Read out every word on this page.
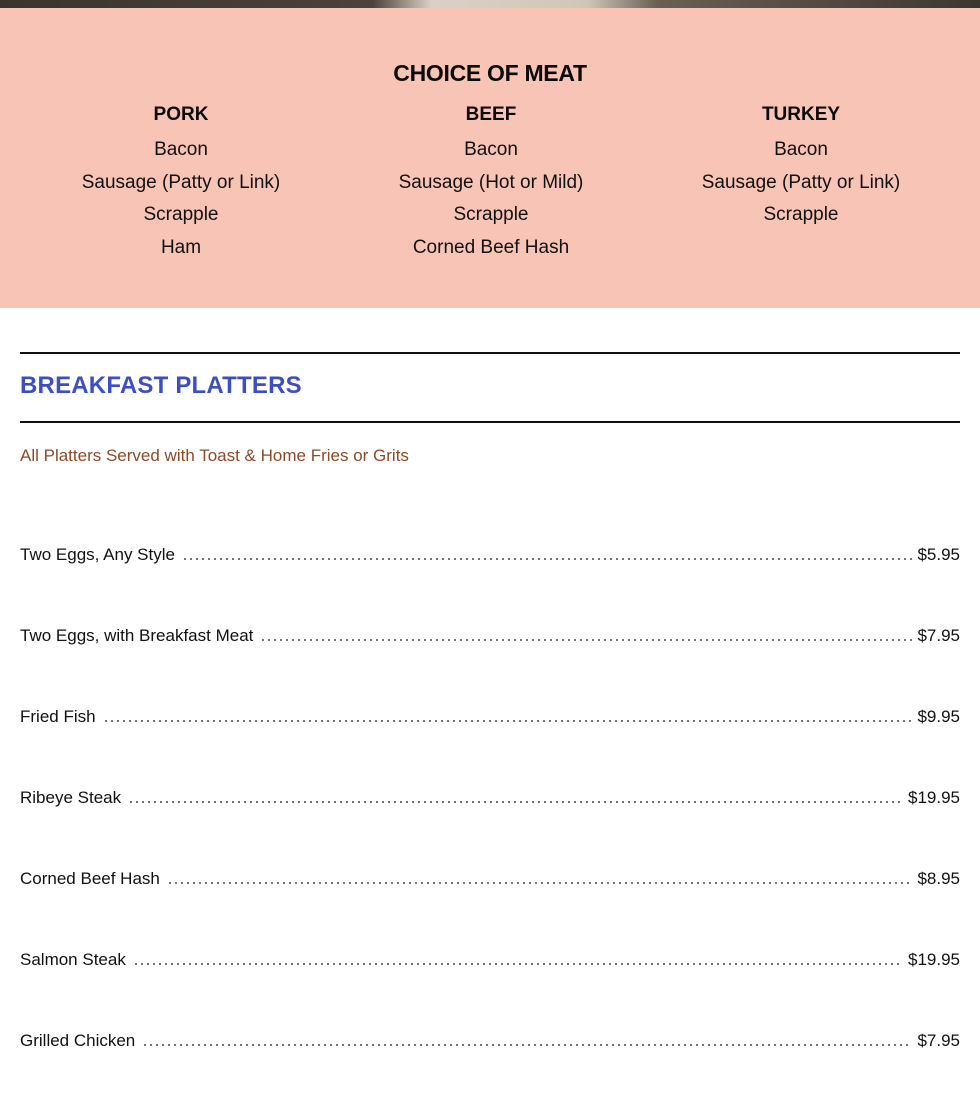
CHOICE OF MEAT
PORK
Bacon
Sausage (Patty or Link)
Scrapple
Ham
BEEF
Bacon
Sausage (Hot or Mild)
Scrapple
Corned Beef Hash
TURKEY
Bacon
Sausage (Patty or Link)
Scrapple
BREAKFAST PLATTERS

All Platters Served with Toast & Home Fries or Grits

Two Eggs, Any Style	$5.95
Two Eggs, with Breakfast Meat	$7.95
Fried Fish	$9.95
Ribeye Steak	$19.95
Corned Beef Hash	$8.95
Salmon Steak	$19.95
Grilled Chicken	$7.95
